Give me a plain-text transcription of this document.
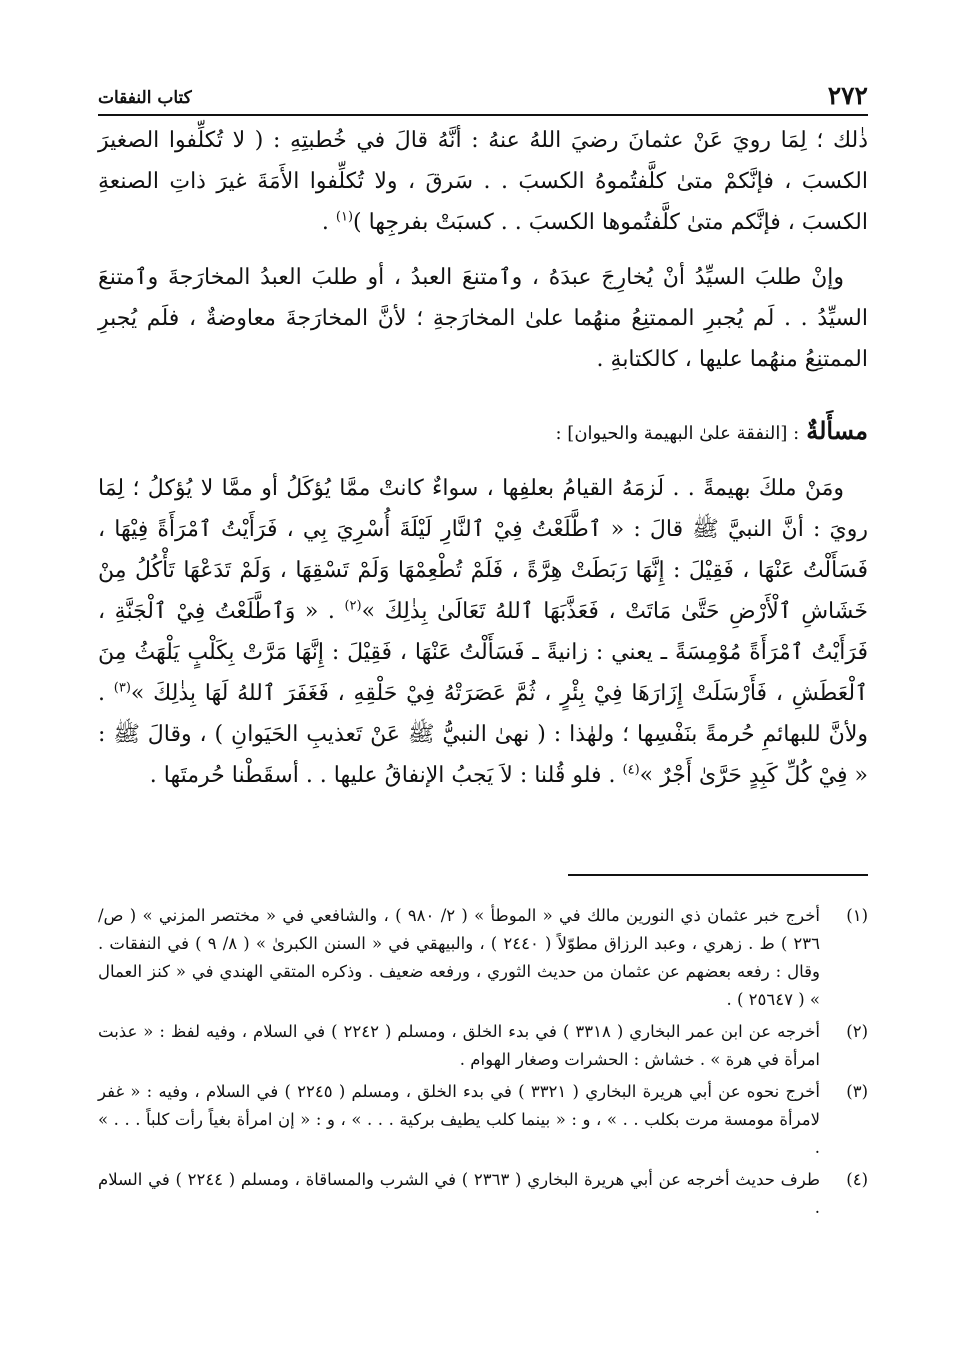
٢٧٢
كتاب النفقات

ذٰلك ؛ لِمَا رويَ عَنْ عثمانَ رضيَ اللهُ عنهُ : أنَّهُ قالَ في خُطبتِهِ : ( لا تُكلِّفوا الصغيرَ الكسبَ ، فإنَّكمْ متىٰ كلَّفتُموهُ الكسبَ . . سَرقَ ، ولا تُكلِّفوا الأَمَةَ غيرَ ذاتِ الصنعةِ الكسبَ ، فإنَّكم متىٰ كلَّفتُموها الكسبَ . . كسبَتْ بفرجِها )$^{(١)}$ .

وإنْ طلبَ السيِّدُ أنْ يُخارِجَ عبدَهُ ، وٱمتنعَ العبدُ ، أو طلبَ العبدُ المخارَجةَ وٱمتنعَ السيِّدُ . . لَم يُجبرِ الممتنِعُ منهُما علىٰ المخارَجةِ ؛ لأنَّ المخارَجةَ معاوضةٌ ، فلَم يُجبرِ الممتنِعُ منهُما عليها ، كالكتابةِ .

مسأَلةٌ : [النفقة علىٰ البهيمة والحيوان] :

ومَنْ ملكَ بهيمةً . . لَزمَهُ القيامُ بعلفِها ، سواءٌ كانتْ ممَّا يُؤكَلُ أو ممَّا لا يُؤكلُ ؛ لِمَا رويَ : أنَّ النبيَّ ﷺ قالَ : « ٱطَّلَعْتُ فِيْ ٱلنَّارِ لَيْلَةَ أُسْرِيَ بِي ، فَرَأَيْتُ ٱمْرَأَةً فِيْهَا ، فَسَأَلْتُ عَنْهَا ، فَقِيْلَ : إِنَّهَا رَبَطَتْ هِرَّةً ، فَلَمْ تُطْعِمْهَا وَلَمْ تَسْقِهَا ، وَلَمْ تَدَعْهَا تَأْكُلُ مِنْ خَشَاشِ ٱلْأَرْضِ حَتَّىٰ مَاتَتْ ، فَعَذَّبَهَا ٱللهُ تَعَالَىٰ بِذٰلِكَ »$^{(٢)}$ . « وَٱطَّلَعْتُ فِيْ ٱلْجَنَّةِ ، فَرَأَيْتُ ٱمْرَأَةً مُوْمِسَةً ـ يعني : زانيةً ـ فَسَأَلْتُ عَنْهَا ، فَقِيْلَ : إِنَّهَا مَرَّتْ بِكَلْبٍ يَلْهَثُ مِنَ ٱلْعَطَشِ ، فَأَرْسَلَتْ إِزَارَهَا فِيْ بِئْرٍ ، ثُمَّ عَصَرَتْهُ فِيْ حَلْقِهِ ، فَغَفَرَ ٱللهُ لَهَا بِذٰلِكَ »$^{(٣)}$ . ولأنَّ للبهائمِ حُرمةً بنَفْسِها ؛ ولهٰذا : ( نهىٰ النبيُّ ﷺ عَنْ تَعذيبِ الحَيَوانِ ) ، وقالَ ﷺ : « فِيْ كُلِّ كَبِدٍ حَرَّىٰ أَجْرٌ »$^{(٤)}$ . فلو قُلنا : لاَ يَجبُ الإنفاقُ عليها . . أسقَطْنا حُرمتَها .

(١)
أخرج خبر عثمان ذي النورين مالك في « الموطأ » ( ٢/ ٩٨٠ ) ، والشافعي في « مختصر المزني » ( ص/ ٢٣٦ ) ط . زهري ، وعبد الرزاق مطوّلاً ( ٢٤٤٠ ) ، والبيهقي في « السنن الكبرىٰ » ( ٨/ ٩ ) في النفقات . وقال : رفعه بعضهم عن عثمان من حديث الثوري ، ورفعه ضعيف . وذكره المتقي الهندي في « كنز العمال » ( ٢٥٦٤٧ ) .
(٢)
أخرجه عن ابن عمر البخاري ( ٣٣١٨ ) في بدء الخلق ، ومسلم ( ٢٢٤٢ ) في السلام ، وفيه لفظ : « عذبت امرأة في هرة » . خشاش : الحشرات وصغار الهوام .
(٣)
أخرج نحوه عن أبي هريرة البخاري ( ٣٣٢١ ) في بدء الخلق ، ومسلم ( ٢٢٤٥ ) في السلام ، وفيه : « غفر لامرأة مومسة مرت بكلب . . » ، و : « بينما كلب يطيف بركية . . . » ، و : « إن امرأة بغياً رأت كلباً . . . » .
(٤)
طرف حديث أخرجه عن أبي هريرة البخاري ( ٢٣٦٣ ) في الشرب والمساقاة ، ومسلم ( ٢٢٤٤ ) في السلام .
